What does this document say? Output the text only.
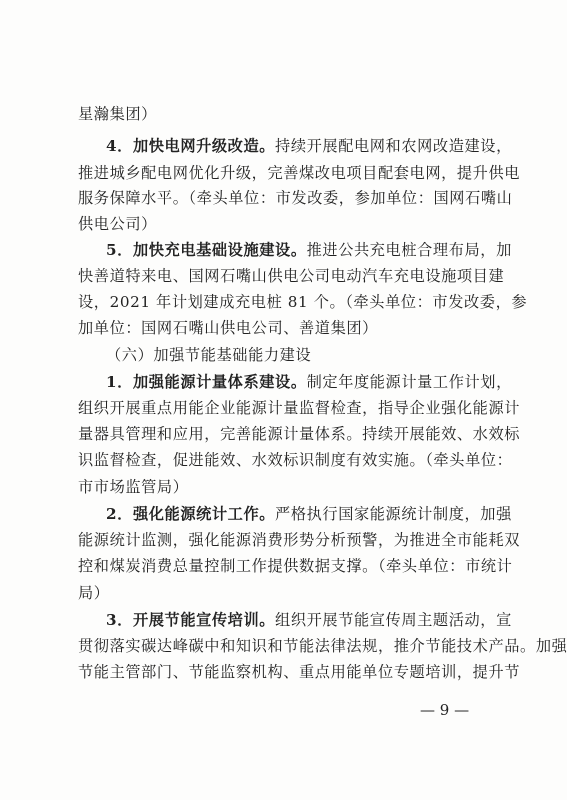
星瀚集团）
4．加快电网升级改造。持续开展配电网和农网改造建设，
推进城乡配电网优化升级，完善煤改电项目配套电网，提升供电
服务保障水平。（牵头单位：市发改委，参加单位：国网石嘴山
供电公司）
5．加快充电基础设施建设。推进公共充电桩合理布局，加
快善道特来电、国网石嘴山供电公司电动汽车充电设施项目建
设，2021 年计划建成充电桩 81 个。（牵头单位：市发改委，参
加单位：国网石嘴山供电公司、善道集团）
（六）加强节能基础能力建设
1．加强能源计量体系建设。制定年度能源计量工作计划，
组织开展重点用能企业能源计量监督检查，指导企业强化能源计
量器具管理和应用，完善能源计量体系。持续开展能效、水效标
识监督检查，促进能效、水效标识制度有效实施。（牵头单位：
市市场监管局）
2．强化能源统计工作。严格执行国家能源统计制度，加强
能源统计监测，强化能源消费形势分析预警，为推进全市能耗双
控和煤炭消费总量控制工作提供数据支撑。（牵头单位：市统计
局）
3．开展节能宣传培训。组织开展节能宣传周主题活动，宣
贯彻落实碳达峰碳中和知识和节能法律法规，推介节能技术产品。加强
节能主管部门、节能监察机构、重点用能单位专题培训，提升节
— 9 —
